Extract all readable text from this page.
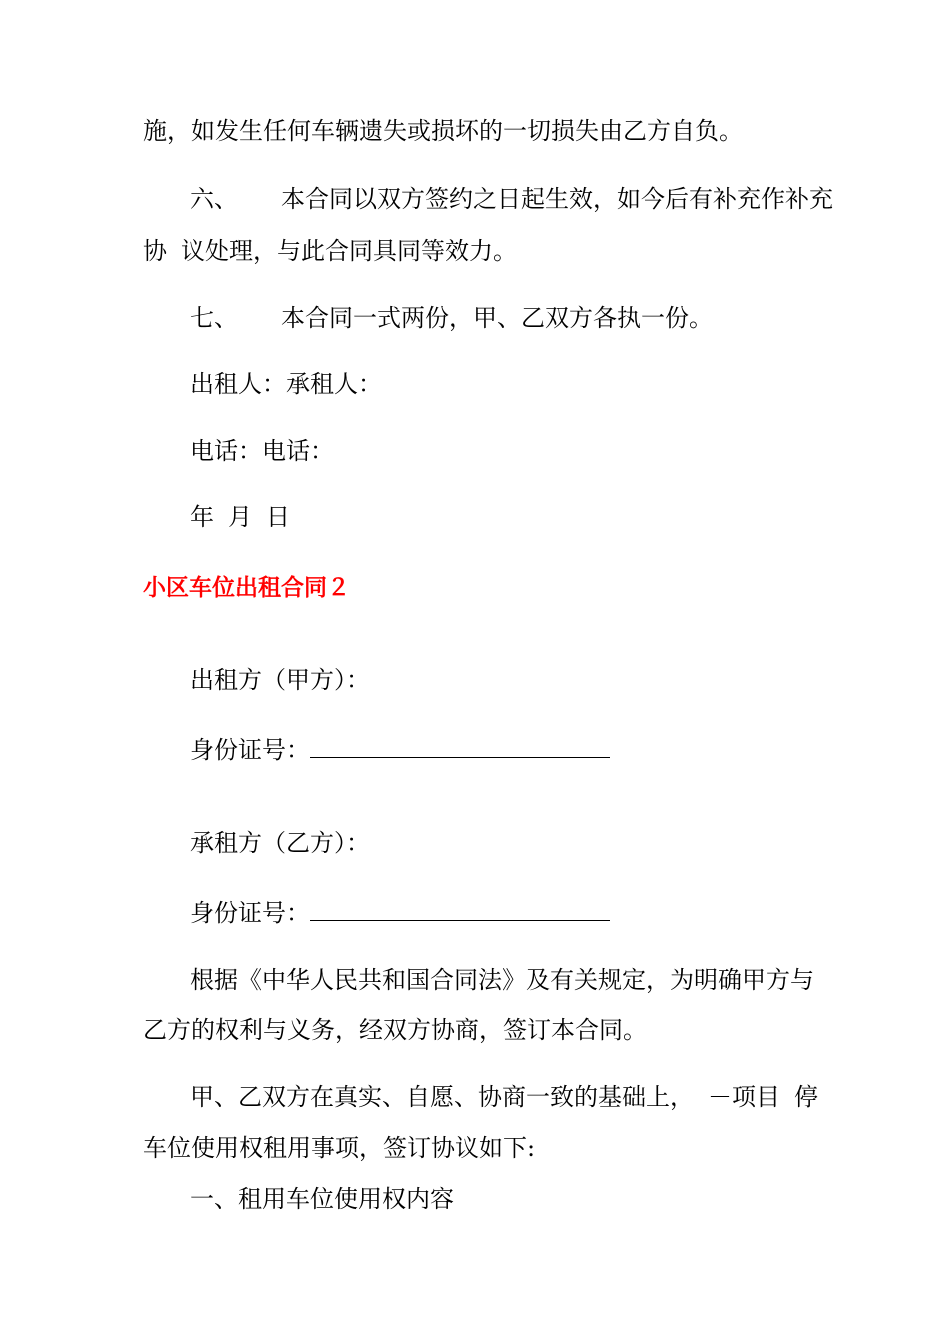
施，如发生任何车辆遗失或损坏的一切损失由乙方自负。
六、 本合同以双方签约之日起生效，如今后有补充作补充
协 议处理，与此合同具同等效力。
七、 本合同一式两份，甲、乙双方各执一份。
出租人：承租人：
电话：电话：
年 月 日
小区车位出租合同２
出租方（甲方）：
身份证号：
承租方（乙方）：
身份证号：
根据《中华人民共和国合同法》及有关规定，为明确甲方与
乙方的权利与义务，经双方协商，签订本合同。
甲、乙双方在真实、自愿、协商一致的基础上， －项目 停
车位使用权租用事项，签订协议如下:
一、租用车位使用权内容
